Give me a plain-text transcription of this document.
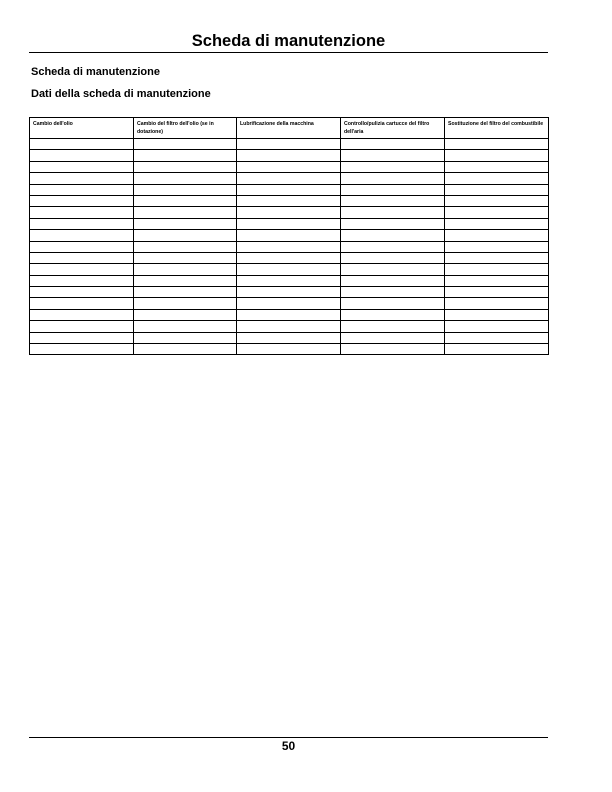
Scheda di manutenzione
Scheda di manutenzione
Dati della scheda di manutenzione
Cambio dell'olio	Cambio del filtro dell'olio (se in dotazione)	Lubrificazione della macchina	Controllo/pulizia cartucce del filtro dell'aria	Sostituzione del filtro del combustibile

50
